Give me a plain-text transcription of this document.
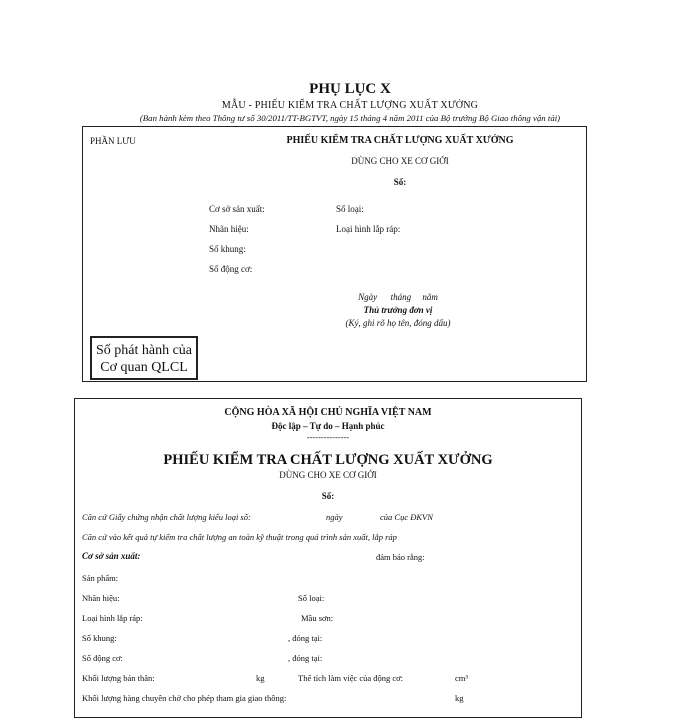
PHỤ LỤC X
MẪU - PHIẾU KIỂM TRA CHẤT LƯỢNG XUẤT XƯỞNG
(Ban hành kèm theo Thông tư số 30/2011/TT-BGTVT, ngày 15 tháng 4 năm 2011 của Bộ trưởng Bộ Giao thông vận tải)
PHẦN LƯU	PHIẾU KIỂM TRA CHẤT LƯỢNG XUẤT XƯỞNG
DÙNG CHO XE CƠ GIỚI
Số:
Cơ sở sản xuất:	Số loại:
Nhãn hiệu:	Loại hình lắp ráp:
Số khung:
Số động cơ:
Ngày      tháng     năm
Thủ trưởng đơn vị
(Ký, ghi rõ họ tên, đóng dấu)
Số phát hành của
Cơ quan QLCL
CỘNG HÒA XÃ HỘI CHỦ NGHĨA VIỆT NAM
Độc lập – Tự do – Hạnh phúc
---------------
PHIẾU KIỂM TRA CHẤT LƯỢNG XUẤT XƯỞNG
DÙNG CHO XE CƠ GIỚI
Số:
Căn cứ Giấy chứng nhận chất lượng kiểu loại số:	ngày	của Cục ĐKVN
Căn cứ vào kết quả tự kiểm tra chất lượng an toàn kỹ thuật trong quá trình sản xuất, lắp ráp
Cơ sở sản xuất:	đảm bảo rằng:
Sản phẩm:
Nhãn hiệu:	Số loại:
Loại hình lắp ráp:	Mầu sơn:
Số khung:	, đóng tại:
Số động cơ:	, đóng tại:
Khối lượng bản thân:	kg	Thể tích làm việc của động cơ:	cm³
Khối lượng hàng chuyên chở cho phép tham gia giao thông:	kg
